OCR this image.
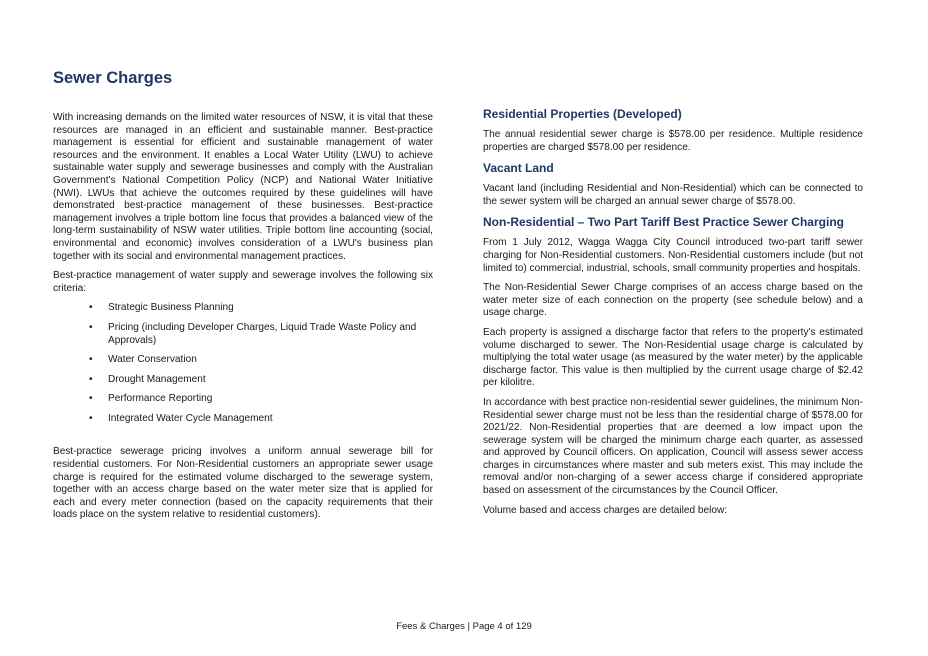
Sewer Charges

With increasing demands on the limited water resources of NSW, it is vital that these resources are managed in an efficient and sustainable manner. Best-practice management is essential for efficient and sustainable management of water resources and the environment. It enables a Local Water Utility (LWU) to achieve sustainable water supply and sewerage businesses and comply with the Australian Government's National Competition Policy (NCP) and National Water Initiative (NWI). LWUs that achieve the outcomes required by these guidelines will have demonstrated best-practice management of these businesses. Best-practice management involves a triple bottom line focus that provides a balanced view of the long-term sustainability of NSW water utilities. Triple bottom line accounting (social, environmental and economic) involves consideration of a LWU's business plan together with its social and environmental management practices.

Best-practice management of water supply and sewerage involves the following six criteria:

• Strategic Business Planning
• Pricing (including Developer Charges, Liquid Trade Waste Policy and Approvals)
• Water Conservation
• Drought Management
• Performance Reporting
• Integrated Water Cycle Management

Best-practice sewerage pricing involves a uniform annual sewerage bill for residential customers. For Non-Residential customers an appropriate sewer usage charge is required for the estimated volume discharged to the sewerage system, together with an access charge based on the water meter size that is applied for each and every meter connection (based on the capacity requirements that their loads place on the system relative to residential customers).

Residential Properties (Developed)

The annual residential sewer charge is $578.00 per residence. Multiple residence properties are charged $578.00 per residence.

Vacant Land

Vacant land (including Residential and Non-Residential) which can be connected to the sewer system will be charged an annual sewer charge of $578.00.

Non-Residential – Two Part Tariff Best Practice Sewer Charging

From 1 July 2012, Wagga Wagga City Council introduced two-part tariff sewer charging for Non-Residential customers. Non-Residential customers include (but not limited to) commercial, industrial, schools, small community properties and hospitals.

The Non-Residential Sewer Charge comprises of an access charge based on the water meter size of each connection on the property (see schedule below) and a usage charge.

Each property is assigned a discharge factor that refers to the property's estimated volume discharged to sewer. The Non-Residential usage charge is calculated by multiplying the total water usage (as measured by the water meter) by the applicable discharge factor. This value is then multiplied by the current usage charge of $2.42 per kilolitre.

In accordance with best practice non-residential sewer guidelines, the minimum Non-Residential sewer charge must not be less than the residential charge of $578.00 for 2021/22. Non-Residential properties that are deemed a low impact upon the sewerage system will be charged the minimum charge each quarter, as assessed and approved by Council officers. On application, Council will assess sewer access charges in circumstances where master and sub meters exist. This may include the removal and/or non-charging of a sewer access charge if considered appropriate based on assessment of the circumstances by the Council Officer.

Volume based and access charges are detailed below:

Fees & Charges | Page 4 of 129
